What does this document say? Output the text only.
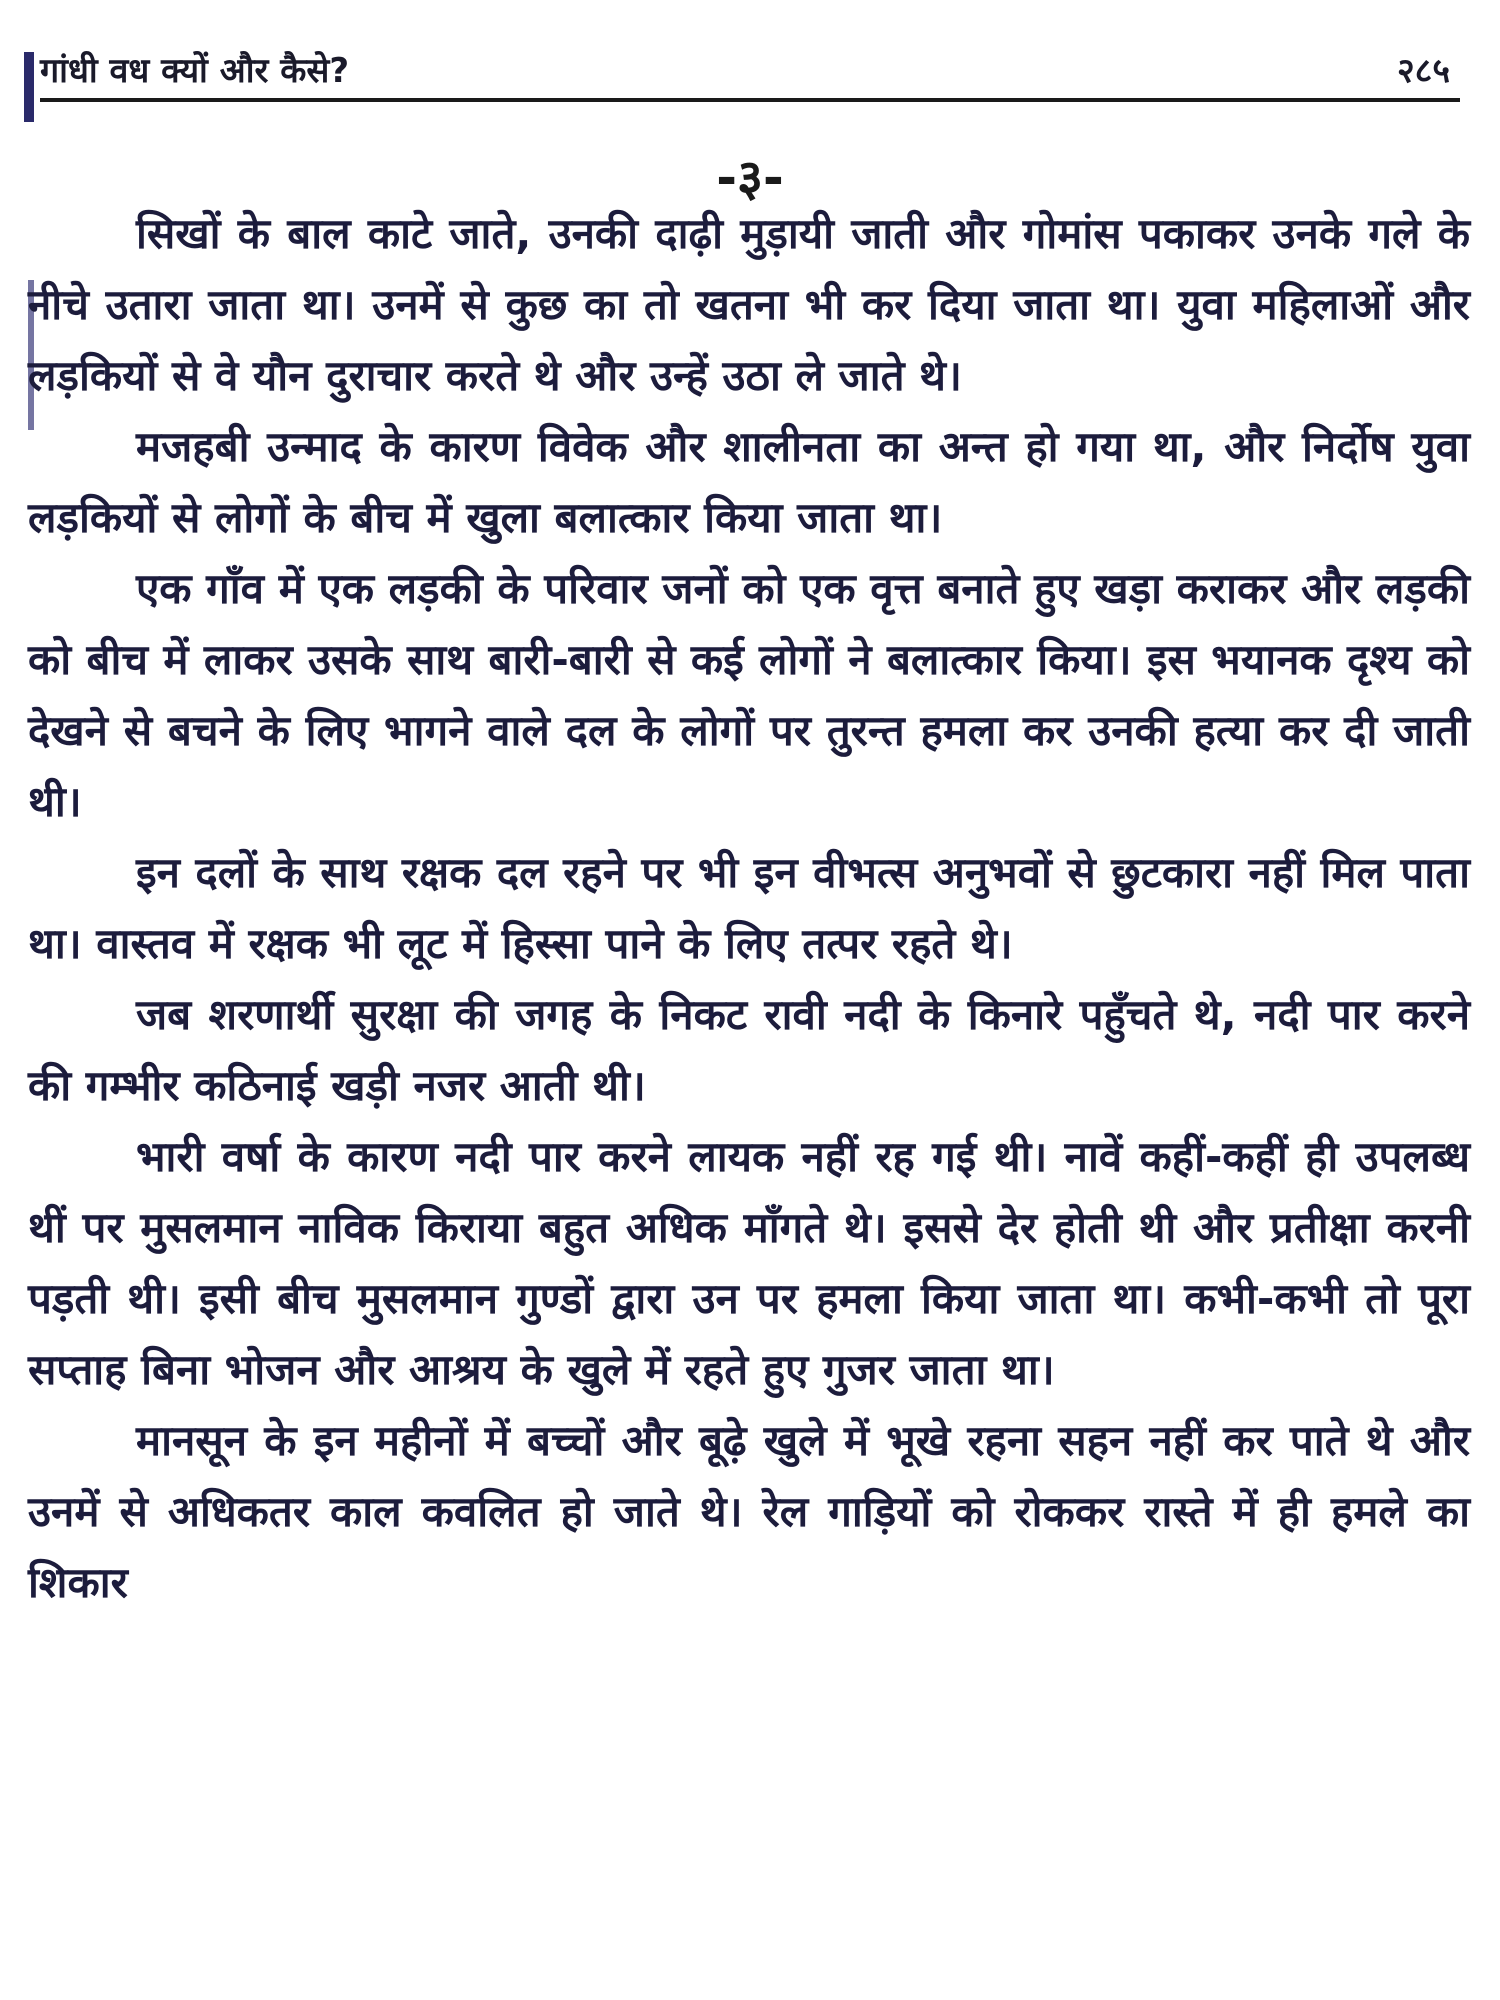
गांधी वध क्यों और कैसे?	२८५
-३-

सिखों के बाल काटे जाते, उनकी दाढ़ी मुड़ायी जाती और गोमांस पकाकर उनके गले के नीचे उतारा जाता था। उनमें से कुछ का तो खतना भी कर दिया जाता था। युवा महिलाओं और लड़कियों से वे यौन दुराचार करते थे और उन्हें उठा ले जाते थे।

मजहबी उन्माद के कारण विवेक और शालीनता का अन्त हो गया था, और निर्दोष युवा लड़कियों से लोगों के बीच में खुला बलात्कार किया जाता था।

एक गाँव में एक लड़की के परिवार जनों को एक वृत्त बनाते हुए खड़ा कराकर और लड़की को बीच में लाकर उसके साथ बारी-बारी से कई लोगों ने बलात्कार किया। इस भयानक दृश्य को देखने से बचने के लिए भागने वाले दल के लोगों पर तुरन्त हमला कर उनकी हत्या कर दी जाती थी।

इन दलों के साथ रक्षक दल रहने पर भी इन वीभत्स अनुभवों से छुटकारा नहीं मिल पाता था। वास्तव में रक्षक भी लूट में हिस्सा पाने के लिए तत्पर रहते थे।

जब शरणार्थी सुरक्षा की जगह के निकट रावी नदी के किनारे पहुँचते थे, नदी पार करने की गम्भीर कठिनाई खड़ी नजर आती थी।

भारी वर्षा के कारण नदी पार करने लायक नहीं रह गई थी। नावें कहीं-कहीं ही उपलब्ध थीं पर मुसलमान नाविक किराया बहुत अधिक माँगते थे। इससे देर होती थी और प्रतीक्षा करनी पड़ती थी। इसी बीच मुसलमान गुण्डों द्वारा उन पर हमला किया जाता था। कभी-कभी तो पूरा सप्ताह बिना भोजन और आश्रय के खुले में रहते हुए गुजर जाता था।

मानसून के इन महीनों में बच्चों और बूढ़े खुले में भूखे रहना सहन नहीं कर पाते थे और उनमें से अधिकतर काल कवलित हो जाते थे। रेल गाड़ियों को रोककर रास्ते में ही हमले का शिकार
